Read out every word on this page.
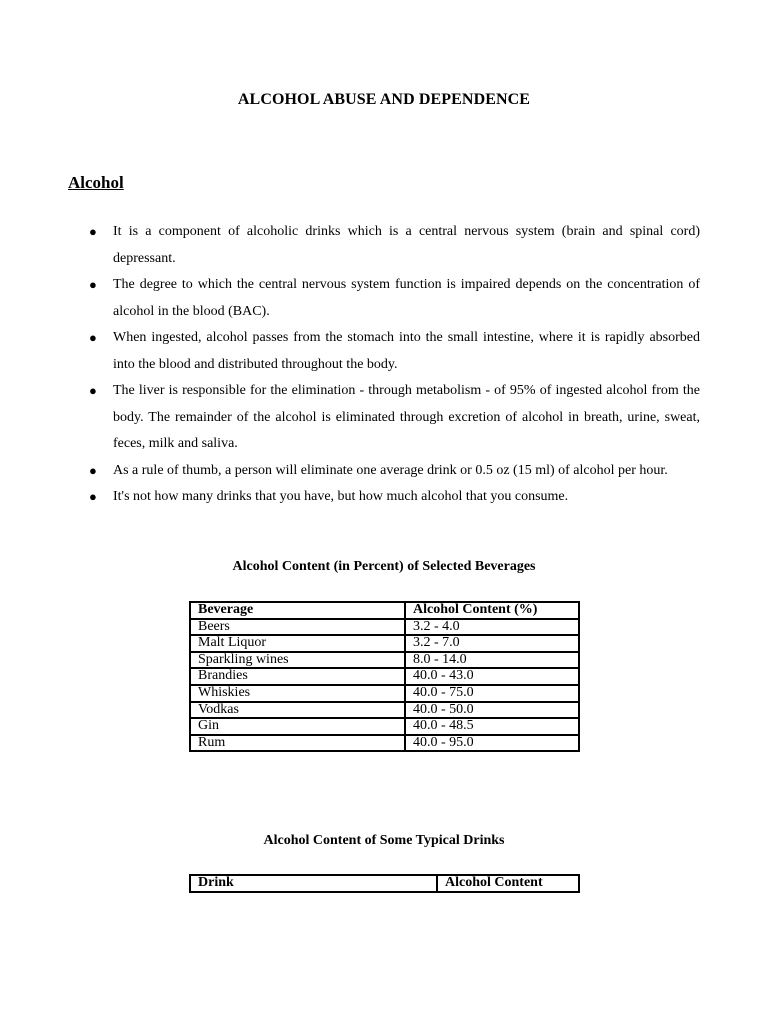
ALCOHOL ABUSE AND DEPENDENCE
Alcohol
● It is a component of alcoholic drinks which is a central nervous system (brain and spinal cord) depressant.
● The degree to which the central nervous system function is impaired depends on the concentration of alcohol in the blood (BAC).
● When ingested, alcohol passes from the stomach into the small intestine, where it is rapidly absorbed into the blood and distributed throughout the body.
● The liver is responsible for the elimination - through metabolism - of 95% of ingested alcohol from the body. The remainder of the alcohol is eliminated through excretion of alcohol in breath, urine, sweat, feces, milk and saliva.
● As a rule of thumb, a person will eliminate one average drink or 0.5 oz (15 ml) of alcohol per hour.
● It's not how many drinks that you have, but how much alcohol that you consume.
Alcohol Content (in Percent) of Selected Beverages
Beverage	Alcohol Content (%)
Beers	3.2 - 4.0
Malt Liquor	3.2 - 7.0
Sparkling wines	8.0 - 14.0
Brandies	40.0 - 43.0
Whiskies	40.0 - 75.0
Vodkas	40.0 - 50.0
Gin	40.0 - 48.5
Rum	40.0 - 95.0
Alcohol Content of Some Typical Drinks
Drink	Alcohol Content
